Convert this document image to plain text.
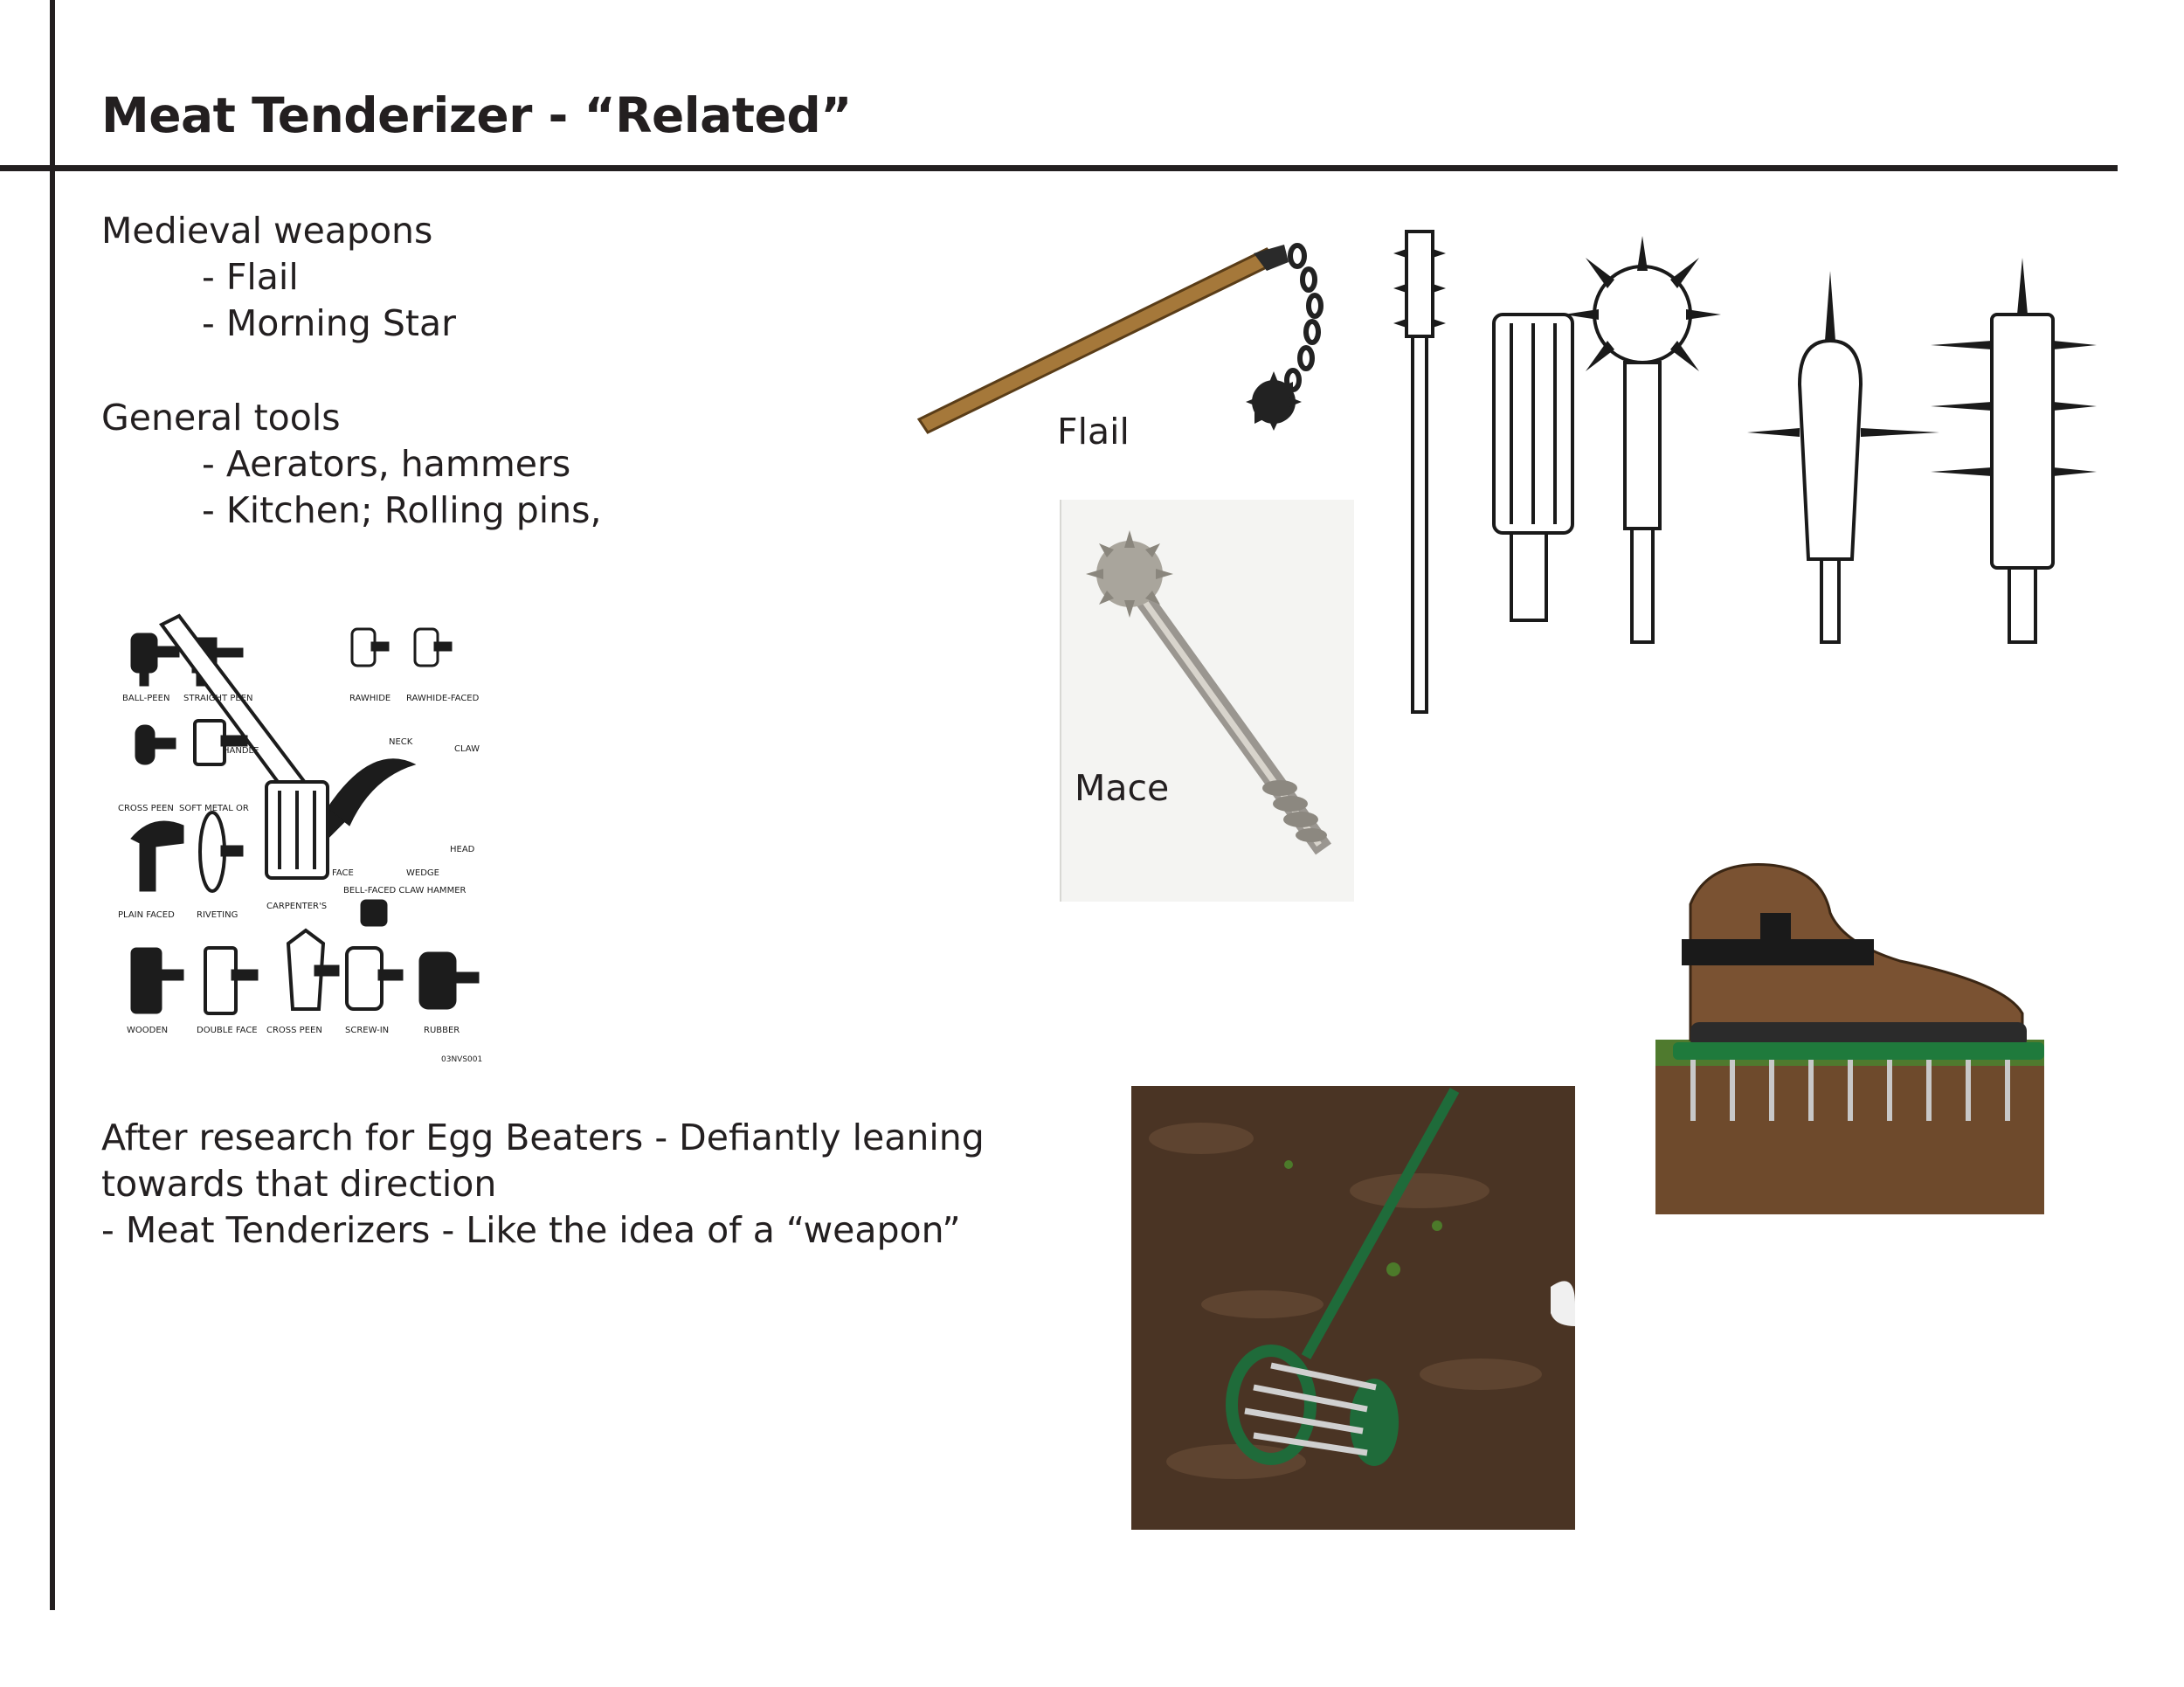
Meat Tenderizer - “Related”
Medieval weapons
- Flail
- Morning Star
General tools
- Aerators, hammers
- Kitchen; Rolling pins,
After research for Egg Beaters - Defiantly leaning
towards that direction
- Meat Tenderizers - Like the idea of a “weapon”
BALL-PEEN STRAIGHT PEEN	RAWHIDE RAWHIDE-FACED
HANDLE
NECK
CLAW
CROSS PEEN SOFT METAL OR
HEAD
FACE	WEDGE
BELL-FACED CLAW HAMMER
PLAIN FACED	RIVETING
CARPENTER'S
WOODEN	DOUBLE FACE CROSS PEEN	SCREW-IN	RUBBER
03NVS001
Flail
Mace
